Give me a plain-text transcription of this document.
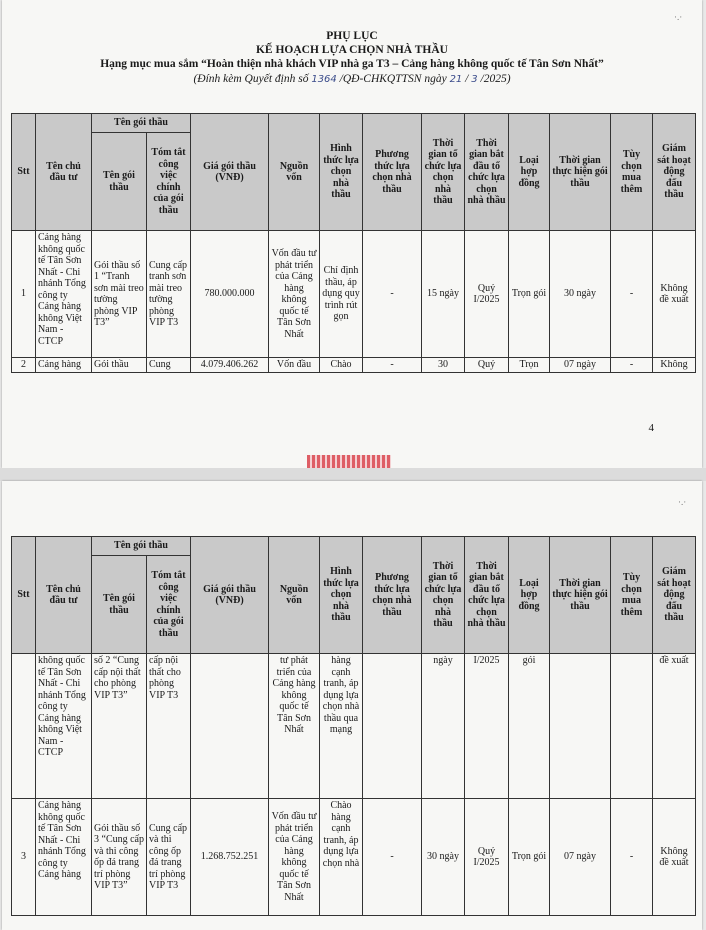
·.·
PHỤ LỤC
KẾ HOẠCH LỰA CHỌN NHÀ THẦU
Hạng mục mua sắm “Hoàn thiện nhà khách VIP nhà ga T3 – Cảng hàng không quốc tế Tân Sơn Nhất”
(Đính kèm Quyết định số 1364 /QĐ-CHKQTTSN ngày 21 / 3 /2025)
Stt	Tên chủ đầu tư	Tên gói thầu		Giá gói thầu (VNĐ)	Nguồn vốn	Hình thức lựa chọn nhà thầu	Phương thức lựa chọn nhà thầu	Thời gian tổ chức lựa chọn nhà thầu	Thời gian bắt đầu tổ chức lựa chọn nhà thầu	Loại hợp đồng	Thời gian thực hiện gói thầu	Tùy chọn mua thêm	Giám sát hoạt động đấu thầu
		Tên gói thầu	Tóm tắt công việc chính của gói thầu										
1	Cảng hàng không quốc tế Tân Sơn Nhất - Chi nhánh Tổng công ty Cảng hàng không Việt Nam - CTCP	Gói thầu số 1 “Tranh sơn mài treo tường phòng VIP T3”	Cung cấp tranh sơn mài treo tường phòng VIP T3	780.000.000	Vốn đầu tư phát triển của Cảng hàng không quốc tế Tân Sơn Nhất	Chỉ định thầu, áp dụng quy trình rút gọn	-	15 ngày	Quý I/2025	Trọn gói	30 ngày	-	Không đề xuất
2	Cảng hàng	Gói thầu	Cung	4.079.406.262	Vốn đầu	Chào	-	30	Quý	Trọn	07 ngày	-	Không
4
·.·
Stt	Tên chủ đầu tư	Tên gói thầu		Giá gói thầu (VNĐ)	Nguồn vốn	Hình thức lựa chọn nhà thầu	Phương thức lựa chọn nhà thầu	Thời gian tổ chức lựa chọn nhà thầu	Thời gian bắt đầu tổ chức lựa chọn nhà thầu	Loại hợp đồng	Thời gian thực hiện gói thầu	Tùy chọn mua thêm	Giám sát hoạt động đấu thầu
		Tên gói thầu	Tóm tắt công việc chính của gói thầu										
	không quốc tế Tân Sơn Nhất - Chi nhánh Tổng công ty Cảng hàng không Việt Nam - CTCP	số 2 “Cung cấp nội thất cho phòng VIP T3”	cấp nội thất cho phòng VIP T3		tư phát triển của Cảng hàng không quốc tế Tân Sơn Nhất	hàng cạnh tranh, áp dụng lựa chọn nhà thầu qua mạng		ngày	I/2025	gói			đề xuất
3	Cảng hàng không quốc tế Tân Sơn Nhất - Chi nhánh Tổng công ty Cảng hàng	Gói thầu số 3 “Cung cấp và thi công ốp đá trang trí phòng VIP T3”	Cung cấp và thi công ốp đá trang trí phòng VIP T3	1.268.752.251	Vốn đầu tư phát triển của Cảng hàng không quốc tế Tân Sơn Nhất	Chào hàng cạnh tranh, áp dụng lựa chọn nhà	-	30 ngày	Quý I/2025	Trọn gói	07 ngày	-	Không đề xuất
